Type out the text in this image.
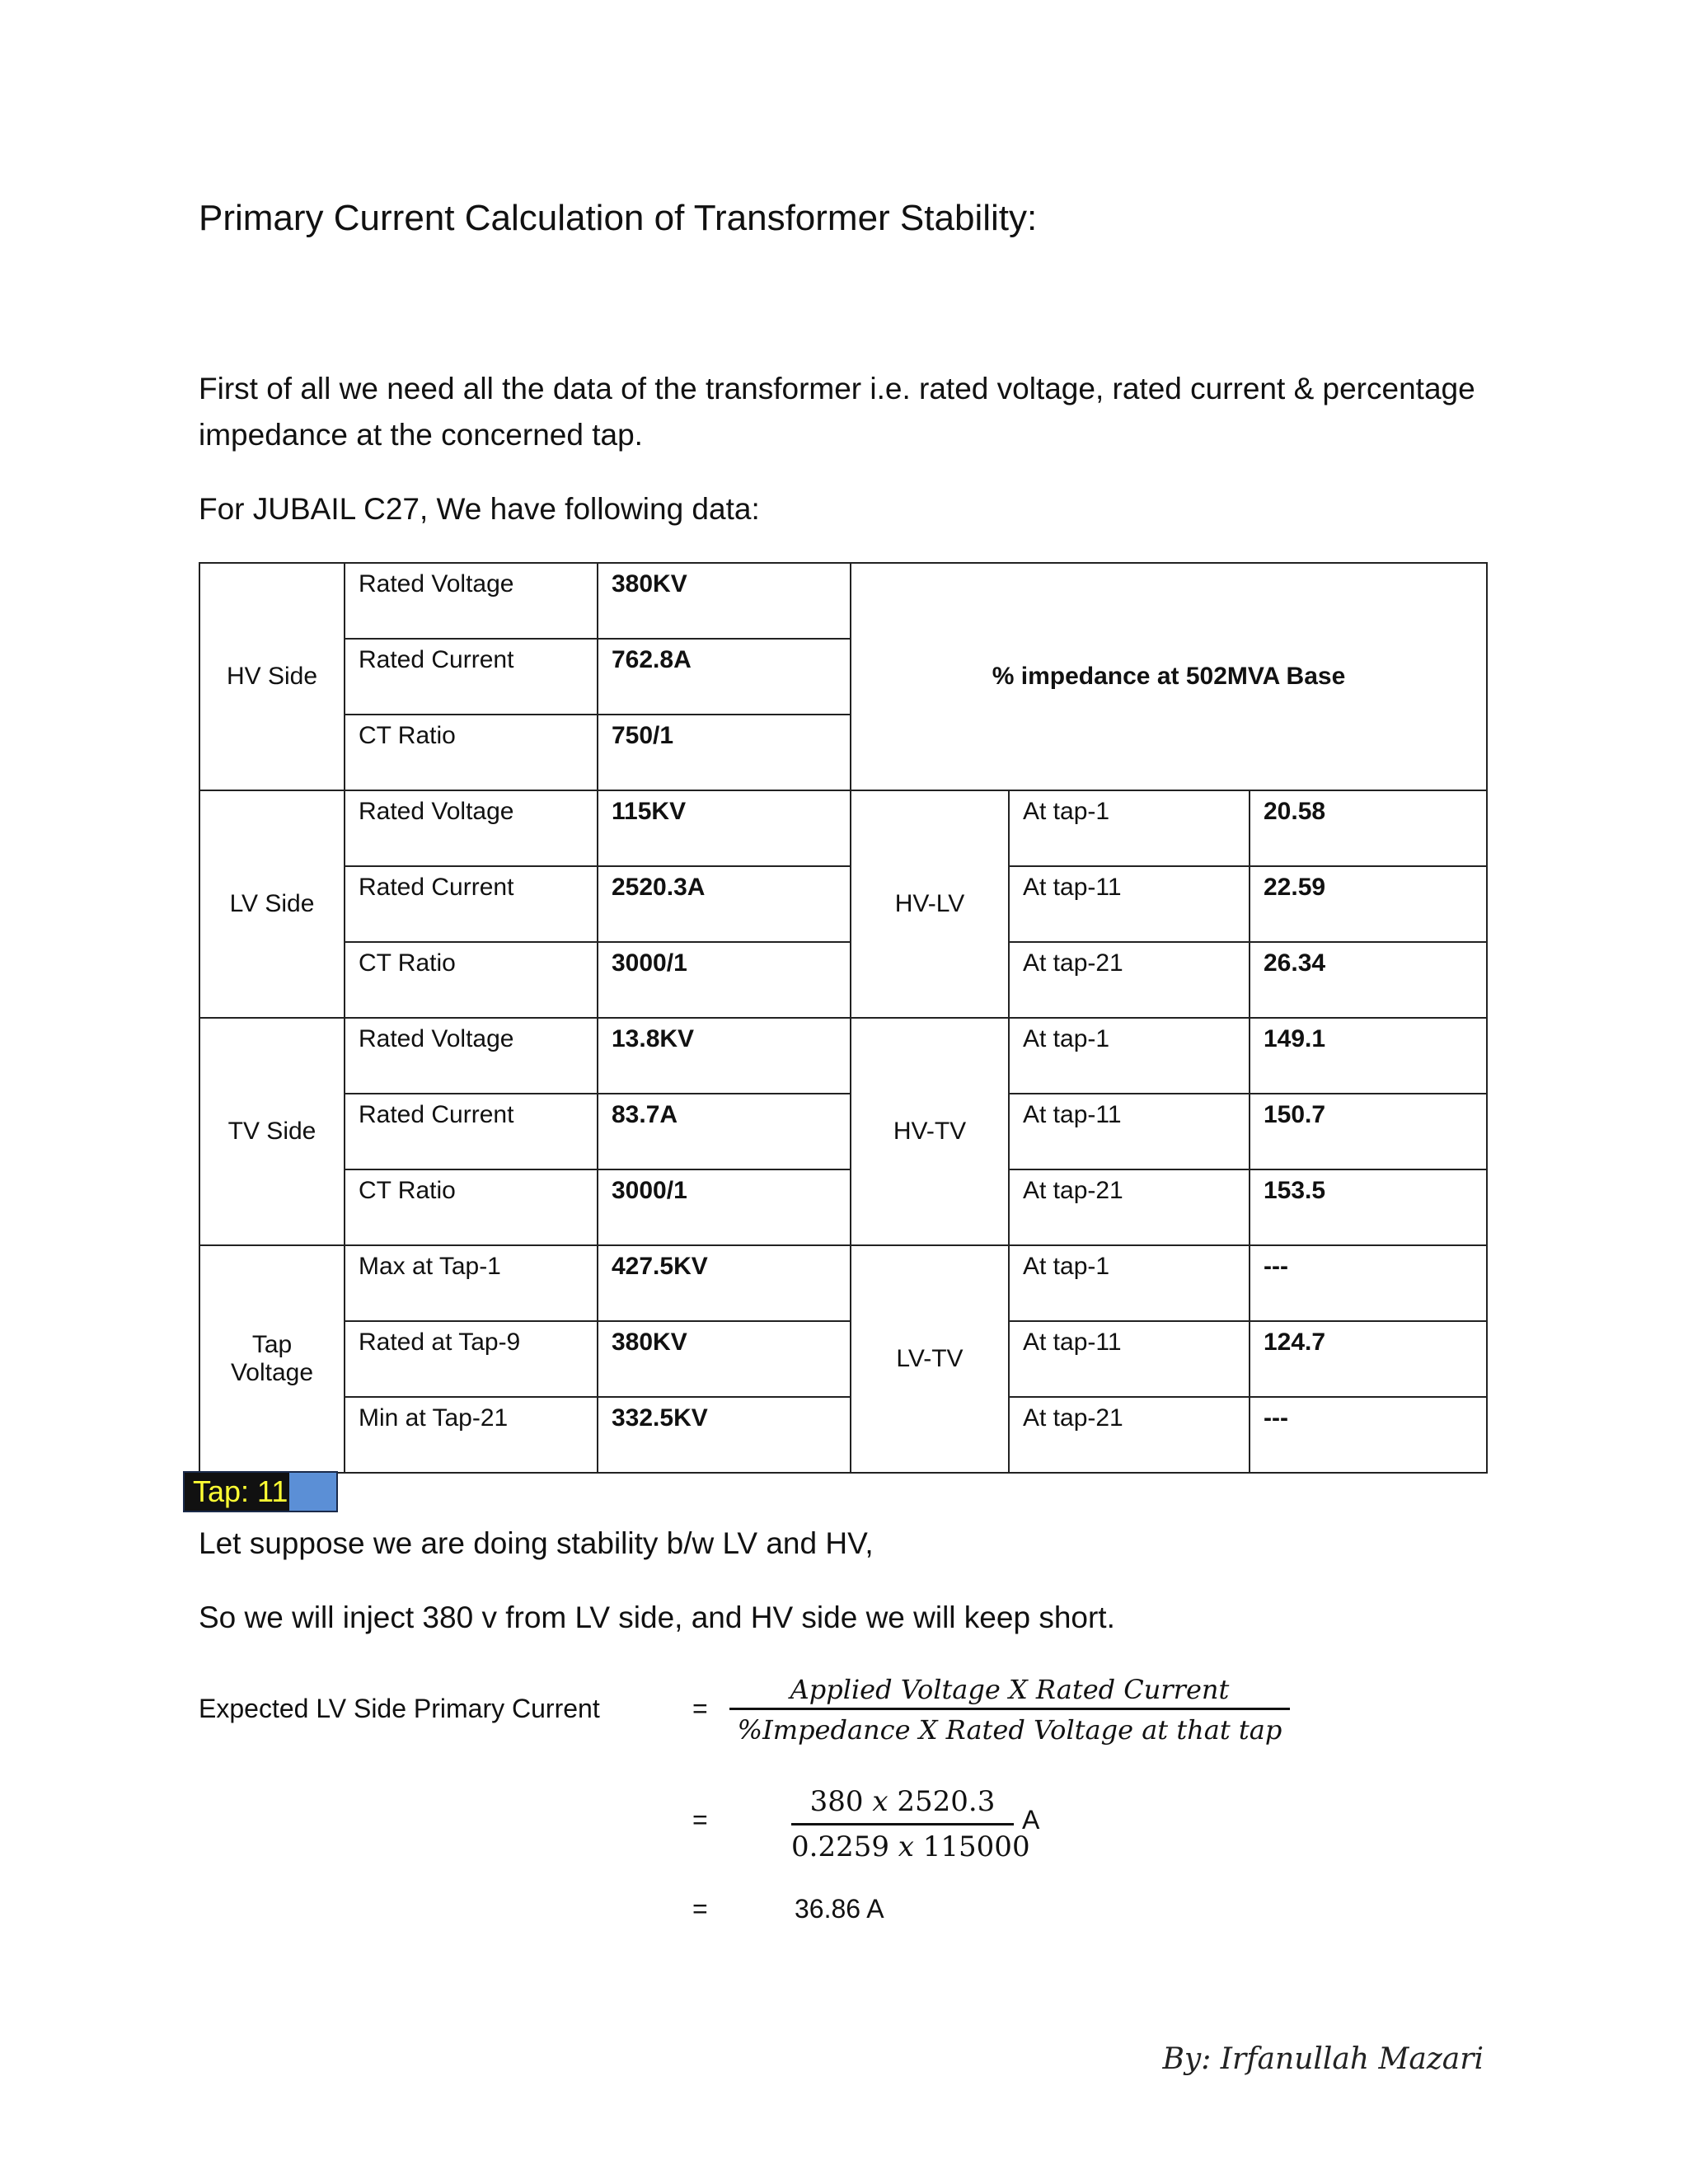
Primary Current Calculation of Transformer Stability:

First of all we need all the data of the transformer i.e. rated voltage, rated current & percentage impedance at the concerned tap.

For JUBAIL C27, We have following data:

HV Side	Rated Voltage	380KV	% impedance at 502MVA Base		
	Rated Current	762.8A			
	CT Ratio	750/1			
LV Side	Rated Voltage	115KV	HV-LV	At tap-1	20.58
	Rated Current	2520.3A		At tap-11	22.59
	CT Ratio	3000/1		At tap-21	26.34
TV Side	Rated Voltage	13.8KV	HV-TV	At tap-1	149.1
	Rated Current	83.7A		At tap-11	150.7
	CT Ratio	3000/1		At tap-21	153.5
Tap
Voltage	Max at Tap-1	427.5KV	LV-TV	At tap-1	---
	Rated at Tap-9	380KV		At tap-11	124.7
	Min at Tap-21	332.5KV		At tap-21	---
Tap: 11

Let suppose we are doing stability b/w LV and HV,

So we will inject 380 v from LV side, and HV side we will keep short.

Expected LV Side Primary Current	=
Applied Voltage X Rated Current
%Impedance X Rated Voltage at that tap
=
380 x 2520.3
0.2259 x 115000
A
=	36.86 A
By: Irfanullah Mazari
